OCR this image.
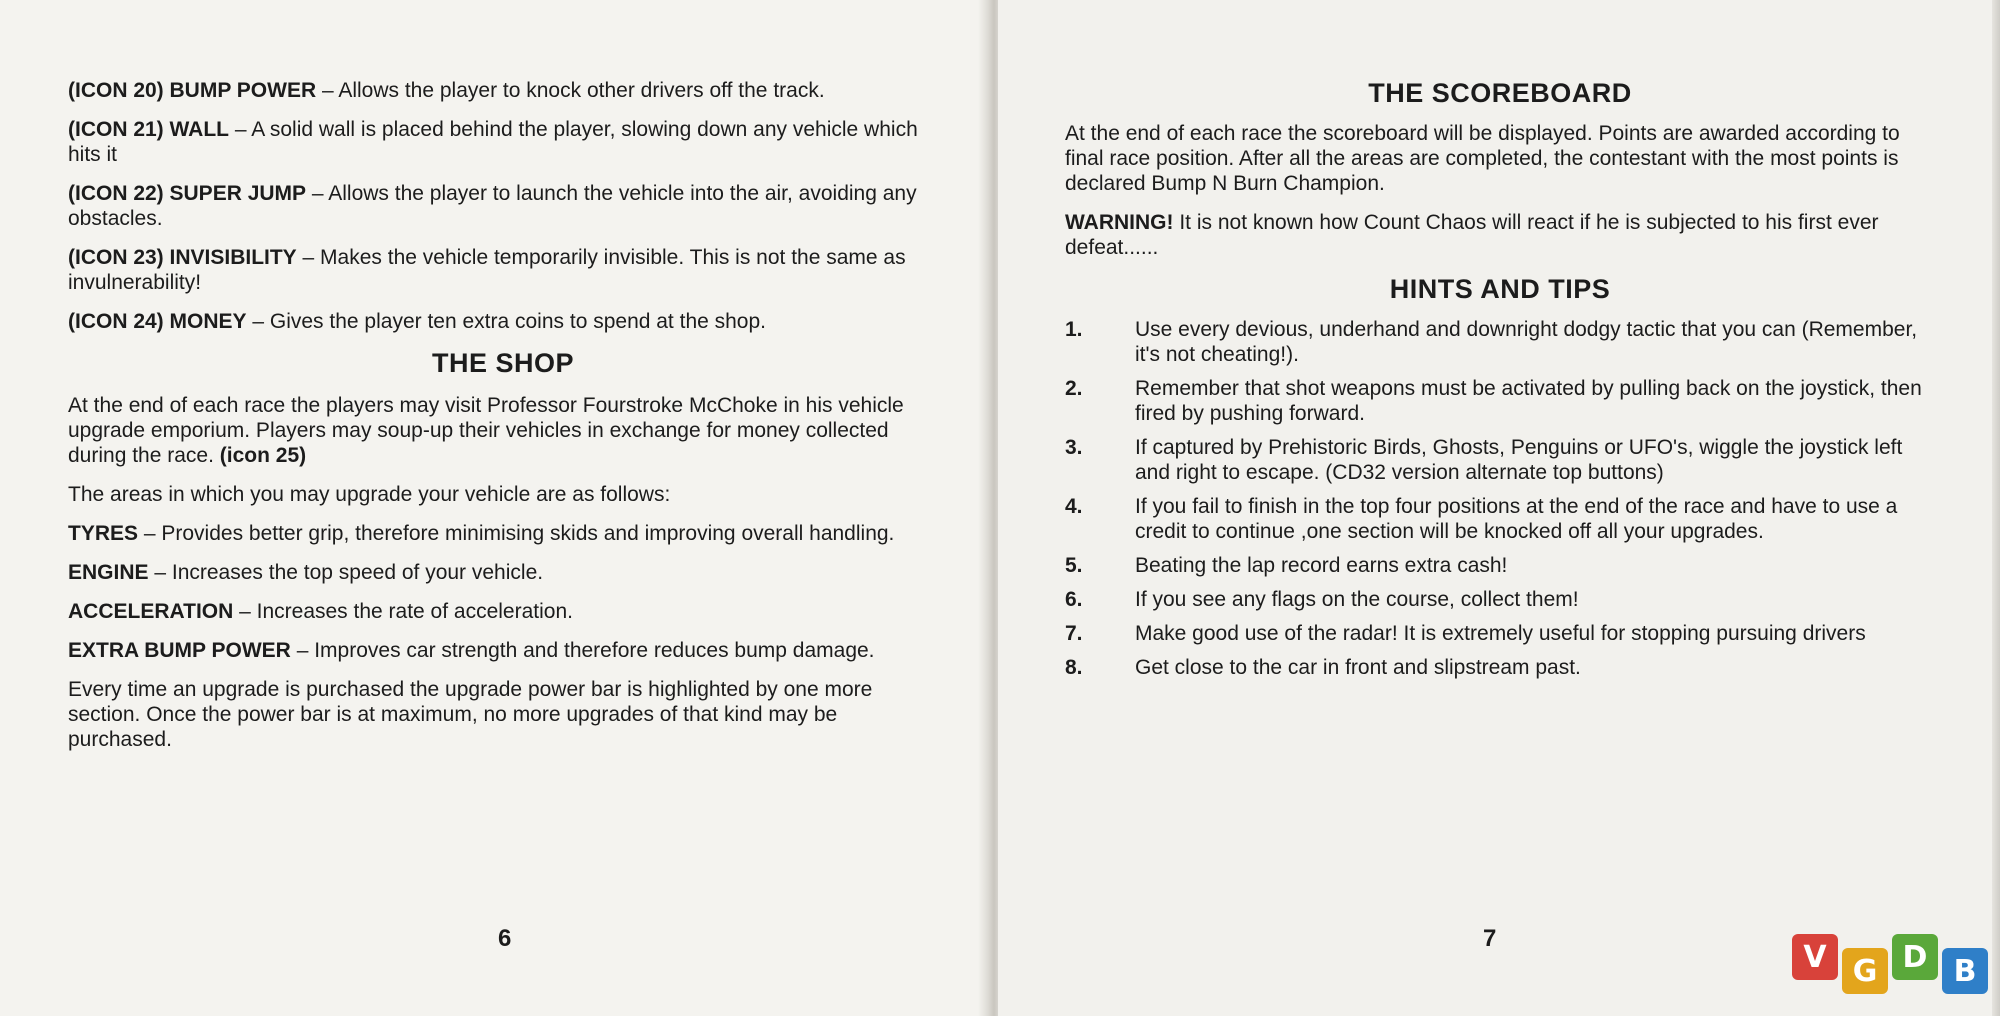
(ICON 20) BUMP POWER – Allows the player to knock other drivers off the track.

(ICON 21) WALL – A solid wall is placed behind the player, slowing down any vehicle which hits it

(ICON 22) SUPER JUMP – Allows the player to launch the vehicle into the air, avoiding any obstacles.

(ICON 23) INVISIBILITY – Makes the vehicle temporarily invisible. This is not the same as invulnerability!

(ICON 24) MONEY – Gives the player ten extra coins to spend at the shop.

THE SHOP

At the end of each race the players may visit Professor Fourstroke McChoke in his vehicle upgrade emporium. Players may soup-up their vehicles in exchange for money collected during the race. (icon 25)

The areas in which you may upgrade your vehicle are as follows:

TYRES – Provides better grip, therefore minimising skids and improving overall handling.

ENGINE – Increases the top speed of your vehicle.

ACCELERATION – Increases the rate of acceleration.

EXTRA BUMP POWER – Improves car strength and therefore reduces bump damage.

Every time an upgrade is purchased the upgrade power bar is highlighted by one more section. Once the power bar is at maximum, no more upgrades of that kind may be purchased.

6
THE SCOREBOARD

At the end of each race the scoreboard will be displayed. Points are awarded according to final race position. After all the areas are completed, the contestant with the most points is declared Bump N Burn Champion.

WARNING! It is not known how Count Chaos will react if he is subjected to his first ever defeat......

HINTS AND TIPS
1. Use every devious, underhand and downright dodgy tactic that you can (Remember, it's not cheating!).
2. Remember that shot weapons must be activated by pulling back on the joystick, then fired by pushing forward.
3. If captured by Prehistoric Birds, Ghosts, Penguins or UFO's, wiggle the joystick left and right to escape. (CD32 version alternate top buttons)
4. If you fail to finish in the top four positions at the end of the race and have to use a credit to continue ,one section will be knocked off all your upgrades.
5. Beating the lap record earns extra cash!
6. If you see any flags on the course, collect them!
7. Make good use of the radar! It is extremely useful for stopping pursuing drivers
8. Get close to the car in front and slipstream past.
7
V G D B
